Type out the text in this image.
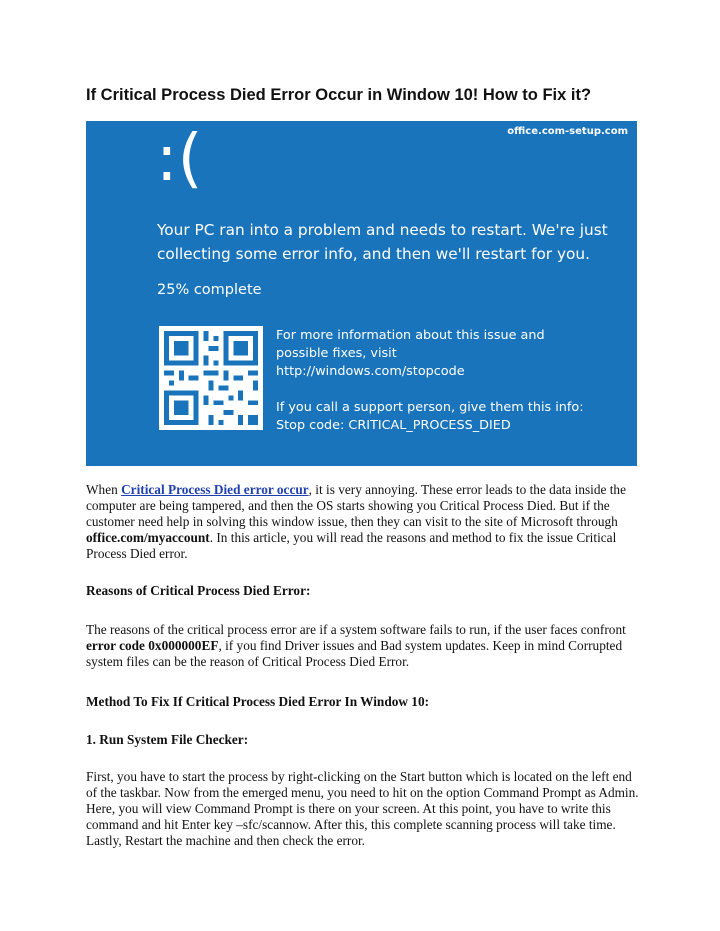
If Critical Process Died Error Occur in Window 10! How to Fix it?
office.com-setup.com
:(
Your PC ran into a problem and needs to restart. We're just
collecting some error info, and then we'll restart for you.
25% complete
For more information about this issue and
possible fixes, visit
http://windows.com/stopcode
If you call a support person, give them this info:
Stop code: CRITICAL_PROCESS_DIED
When Critical Process Died error occur, it is very annoying. These error leads to the data inside the computer are being tampered, and then the OS starts showing you Critical Process Died. But if the customer need help in solving this window issue, then they can visit to the site of Microsoft through office.com/myaccount. In this article, you will read the reasons and method to fix the issue Critical Process Died error.
Reasons of Critical Process Died Error:
The reasons of the critical process error are if a system software fails to run, if the user faces confront error code 0x000000EF, if you find Driver issues and Bad system updates. Keep in mind Corrupted system files can be the reason of Critical Process Died Error.
Method To Fix If Critical Process Died Error In Window 10:
1. Run System File Checker:
First, you have to start the process by right-clicking on the Start button which is located on the left end of the taskbar. Now from the emerged menu, you need to hit on the option Command Prompt as Admin. Here, you will view Command Prompt is there on your screen. At this point, you have to write this command and hit Enter key –sfc/scannow. After this, this complete scanning process will take time. Lastly, Restart the machine and then check the error.
